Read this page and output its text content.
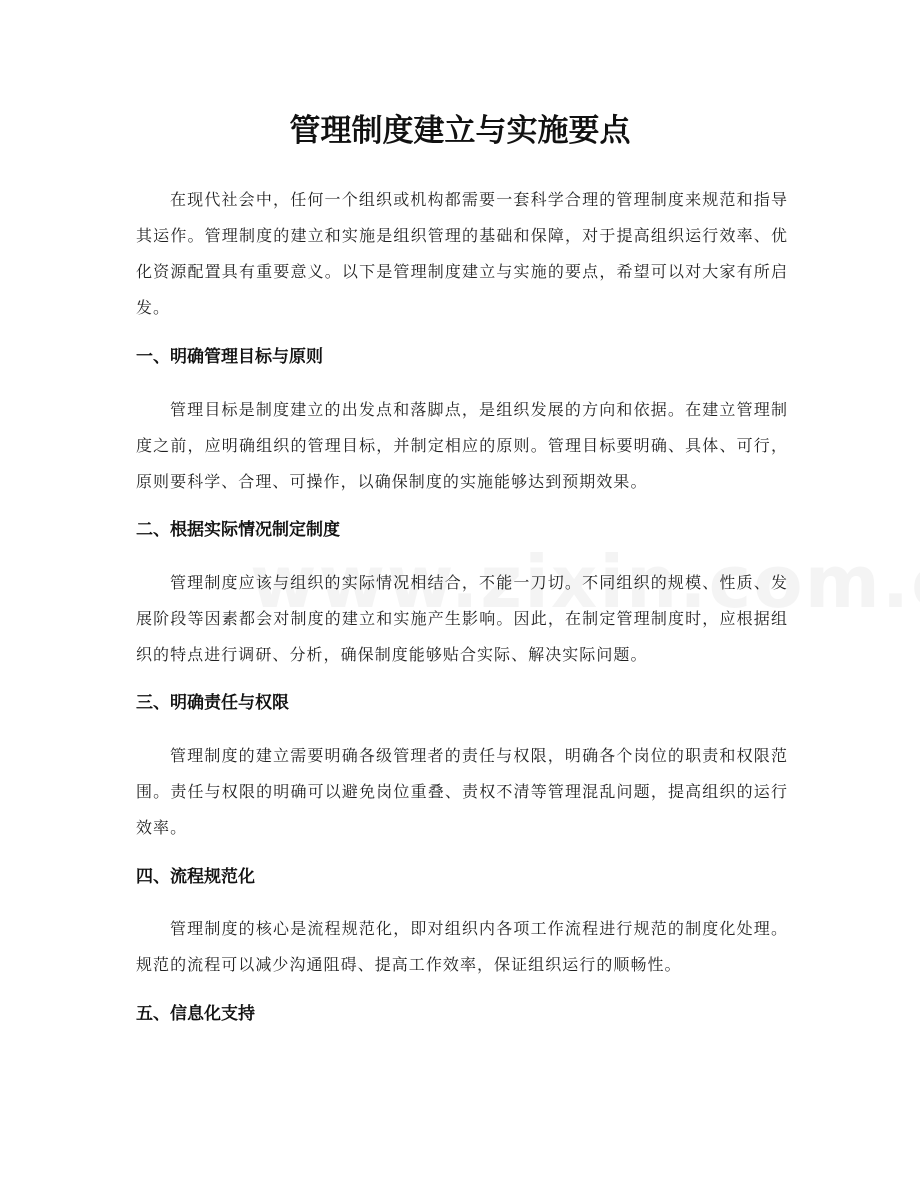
管理制度建立与实施要点

在现代社会中，任何一个组织或机构都需要一套科学合理的管理制度来规范和指导其运作。管理制度的建立和实施是组织管理的基础和保障，对于提高组织运行效率、优化资源配置具有重要意义。以下是管理制度建立与实施的要点，希望可以对大家有所启发。

一、明确管理目标与原则

管理目标是制度建立的出发点和落脚点，是组织发展的方向和依据。在建立管理制度之前，应明确组织的管理目标，并制定相应的原则。管理目标要明确、具体、可行，原则要科学、合理、可操作，以确保制度的实施能够达到预期效果。

二、根据实际情况制定制度

管理制度应该与组织的实际情况相结合，不能一刀切。不同组织的规模、性质、发展阶段等因素都会对制度的建立和实施产生影响。因此，在制定管理制度时，应根据组织的特点进行调研、分析，确保制度能够贴合实际、解决实际问题。

三、明确责任与权限

管理制度的建立需要明确各级管理者的责任与权限，明确各个岗位的职责和权限范围。责任与权限的明确可以避免岗位重叠、责权不清等管理混乱问题，提高组织的运行效率。

四、流程规范化

管理制度的核心是流程规范化，即对组织内各项工作流程进行规范的制度化处理。规范的流程可以减少沟通阻碍、提高工作效率，保证组织运行的顺畅性。

五、信息化支持
